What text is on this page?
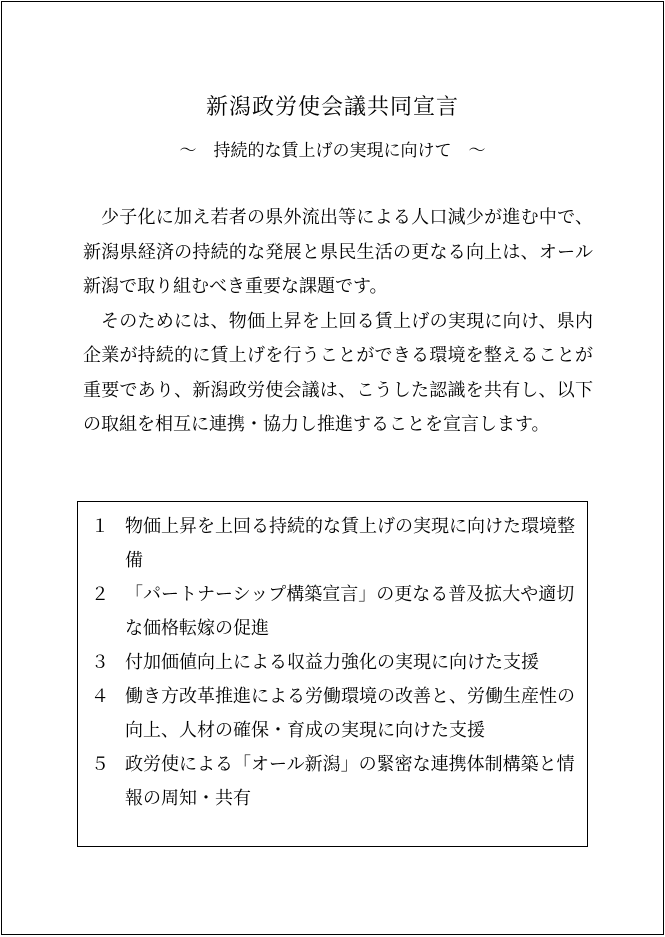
新潟政労使会議共同宣言
～　持続的な賃上げの実現に向けて　～

少子化に加え若者の県外流出等による人口減少が進む中で、新潟県経済の持続的な発展と県民生活の更なる向上は、オール新潟で取り組むべき重要な課題です。

そのためには、物価上昇を上回る賃上げの実現に向け、県内企業が持続的に賃上げを行うことができる環境を整えることが重要であり、新潟政労使会議は、こうした認識を共有し、以下の取組を相互に連携・協力し推進することを宣言します。

１ 物価上昇を上回る持続的な賃上げの実現に向けた環境整備
２ 「パートナーシップ構築宣言」の更なる普及拡大や適切な価格転嫁の促進
３ 付加価値向上による収益力強化の実現に向けた支援
４ 働き方改革推進による労働環境の改善と、労働生産性の向上、人材の確保・育成の実現に向けた支援
５ 政労使による「オール新潟」の緊密な連携体制構築と情報の周知・共有
